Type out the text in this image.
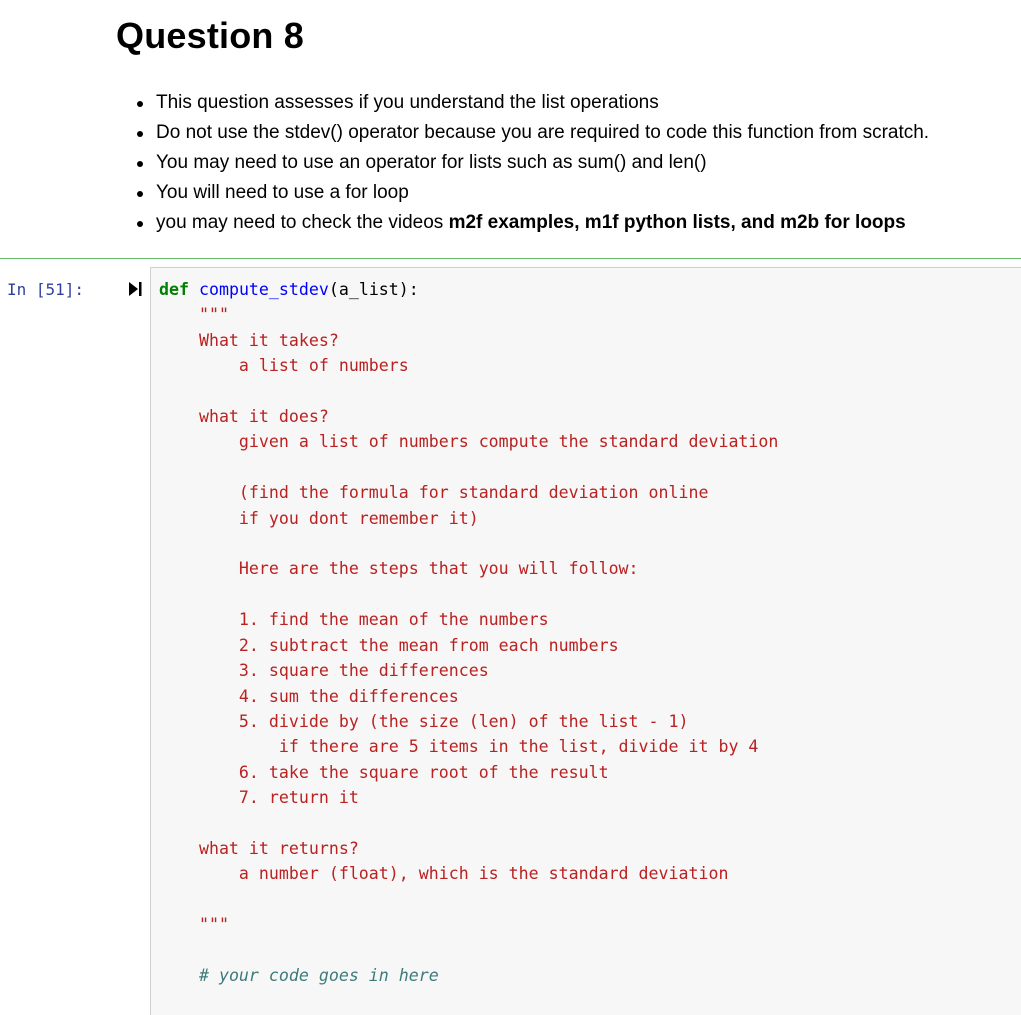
Question 8
This question assesses if you understand the list operations
Do not use the stdev() operator because you are required to code this function from scratch.
You may need to use an operator for lists such as sum() and len()
You will need to use a for loop
you may need to check the videos m2f examples, m1f python lists, and m2b for loops
In [51]:	def compute_stdev(a_list):
"""
What it takes?
a list of numbers

what it does?
given a list of numbers compute the standard deviation

(find the formula for standard deviation online
if you dont remember it)

Here are the steps that you will follow:

1. find the mean of the numbers
2. subtract the mean from each numbers
3. square the differences
4. sum the differences
5. divide by (the size (len) of the list - 1)
if there are 5 items in the list, divide it by 4
6. take the square root of the result
7. return it

what it returns?
a number (float), which is the standard deviation

"""

# your code goes in here
